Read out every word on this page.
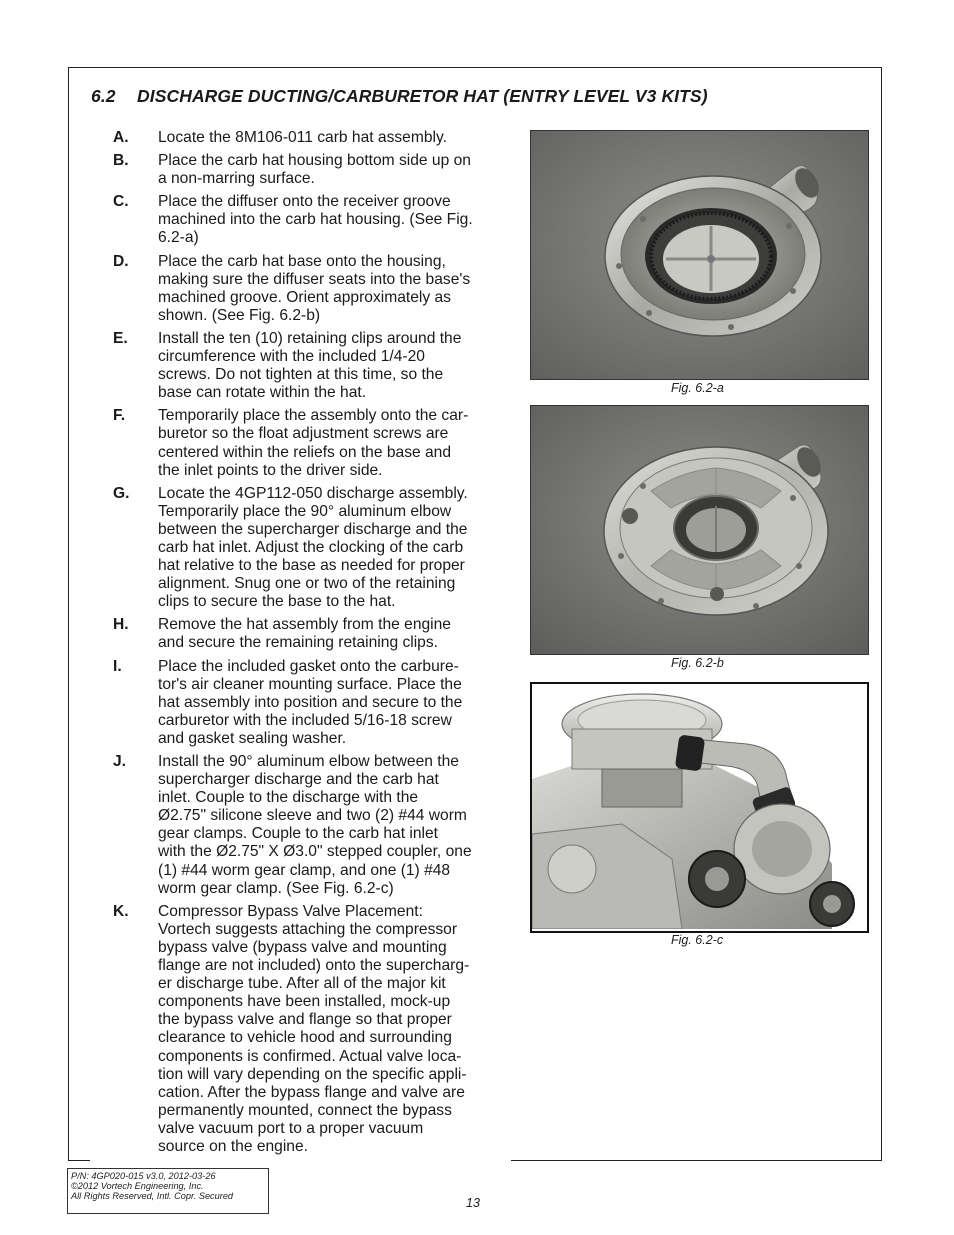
6.2 DISCHARGE DUCTING/CARBURETOR HAT (ENTRY LEVEL V3 KITS)
A.	Locate the 8M106-011 carb hat assembly.
B.	Place the carb hat housing bottom side up on
a non-marring surface.
C.	Place the diffuser onto the receiver groove
machined into the carb hat housing. (See Fig.
6.2-a)
D.	Place the carb hat base onto the housing,
making sure the diffuser seats into the base's
machined groove. Orient approximately as
shown. (See Fig. 6.2-b)
E.	Install the ten (10) retaining clips around the
circumference with the included 1/4-20
screws. Do not tighten at this time, so the
base can rotate within the hat.
F.	Temporarily place the assembly onto the car-
buretor so the float adjustment screws are
centered within the reliefs on the base and
the inlet points to the driver side.
G.	Locate the 4GP112-050 discharge assembly.
Temporarily place the 90° aluminum elbow
between the supercharger discharge and the
carb hat inlet. Adjust the clocking of the carb
hat relative to the base as needed for proper
alignment. Snug one or two of the retaining
clips to secure the base to the hat.
H.	Remove the hat assembly from the engine
and secure the remaining retaining clips.
I.	Place the included gasket onto the carbure-
tor's air cleaner mounting surface. Place the
hat assembly into position and secure to the
carburetor with the included 5/16-18 screw
and gasket sealing washer.
J.	Install the 90° aluminum elbow between the
supercharger discharge and the carb hat
inlet. Couple to the discharge with the
Ø2.75" silicone sleeve and two (2) #44 worm
gear clamps. Couple to the carb hat inlet
with the Ø2.75" X Ø3.0" stepped coupler, one
(1) #44 worm gear clamp, and one (1) #48
worm gear clamp. (See Fig. 6.2-c)
K.	Compressor Bypass Valve Placement:
Vortech suggests attaching the compressor
bypass valve (bypass valve and mounting
flange are not included) onto the supercharg-
er discharge tube. After all of the major kit
components have been installed, mock-up
the bypass valve and flange so that proper
clearance to vehicle hood and surrounding
components is confirmed. Actual valve loca-
tion will vary depending on the specific appli-
cation. After the bypass flange and valve are
permanently mounted, connect the bypass
valve vacuum port to a proper vacuum
source on the engine.
Fig. 6.2-a
Fig. 6.2-b
Fig. 6.2-c
P/N: 4GP020-015 v3.0, 2012-03-26
©2012 Vortech Engineering, Inc.
All Rights Reserved, Intl. Copr. Secured	13
